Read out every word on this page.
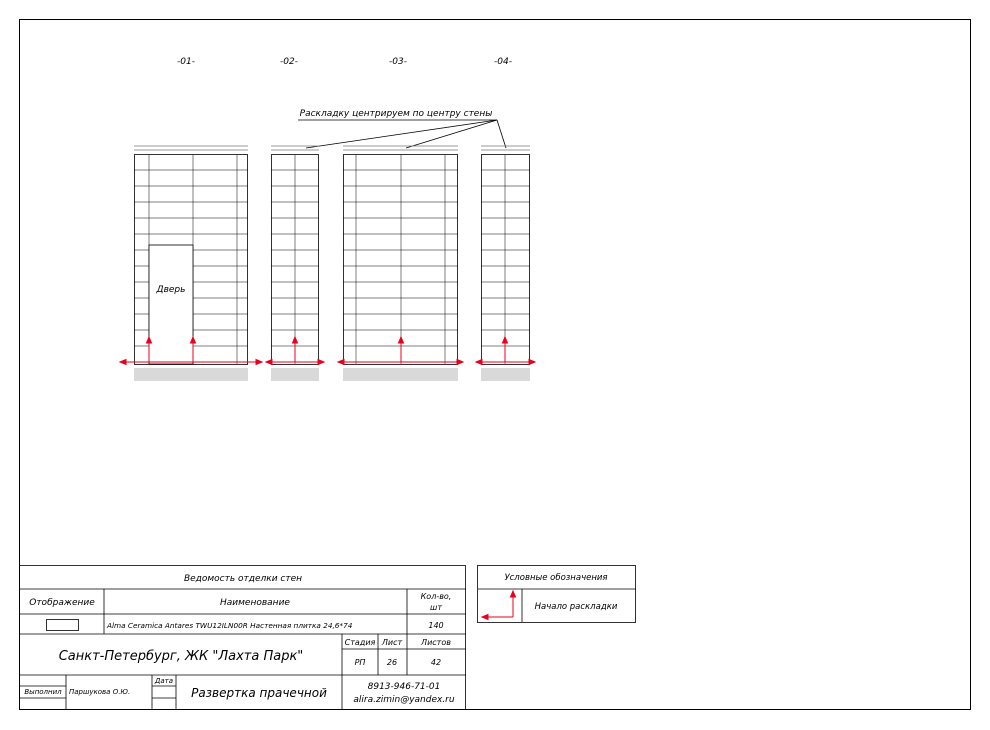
-01-	-02-	-03-	-04-
Раскладку центрируем по центру стены
Дверь
Ведомость отделки стен
Отображение	Наименование
Кол-во,
шт
Alma Ceramica Antares TWU12ILN00R Настенная плитка 24,6*74	140
Санкт-Петербург, ЖК "Лахта Парк"
Стадия Лист Листов
РП	26	42
Выполнил Паршукова О.Ю.
Дата
Развертка прачечной	8913-946-71-01
alira.zimin@yandex.ru
Условные обозначения
Начало раскладки
